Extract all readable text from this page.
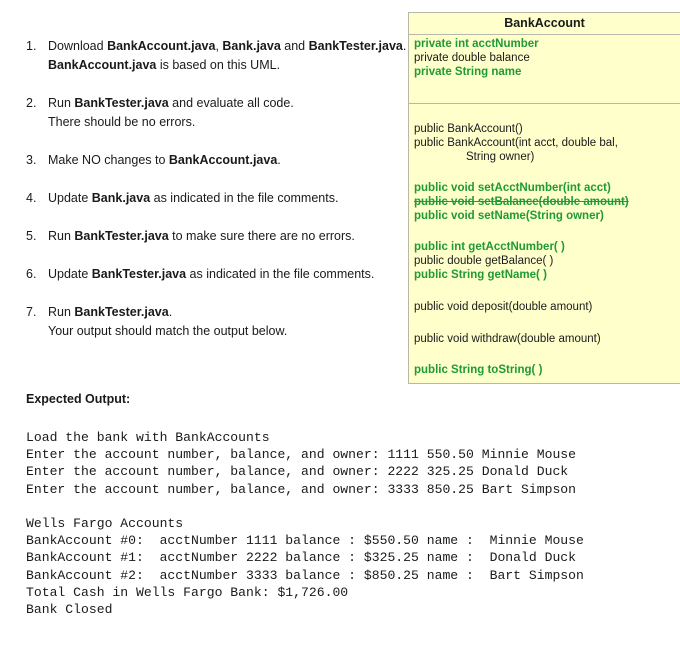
1. Download BankAccount.java, Bank.java and BankTester.java.
BankAccount.java is based on this UML.
2. Run BankTester.java and evaluate all code.
There should be no errors.
3. Make NO changes to BankAccount.java.
4. Update Bank.java as indicated in the file comments.
5. Run BankTester.java to make sure there are no errors.
6. Update BankTester.java as indicated in the file comments.
7. Run BankTester.java.
Your output should match the output below.
BankAccount
private int acctNumber
private double balance
private String name
public BankAccount()
public BankAccount(int acct, double bal,
String owner)
public void setAcctNumber(int acct)
public void setBalance(double amount)
public void setName(String owner)
public int getAcctNumber( )
public double getBalance( )
public String getName( )
public void deposit(double amount)
public void withdraw(double amount)
public String toString( )
Expected Output:
Load the bank with BankAccounts
Enter the account number, balance, and owner: 1111 550.50 Minnie Mouse
Enter the account number, balance, and owner: 2222 325.25 Donald Duck
Enter the account number, balance, and owner: 3333 850.25 Bart Simpson
Wells Fargo Accounts
BankAccount #0:  acctNumber 1111 balance : $550.50 name :  Minnie Mouse
BankAccount #1:  acctNumber 2222 balance : $325.25 name :  Donald Duck
BankAccount #2:  acctNumber 3333 balance : $850.25 name :  Bart Simpson
Total Cash in Wells Fargo Bank: $1,726.00
Bank Closed
